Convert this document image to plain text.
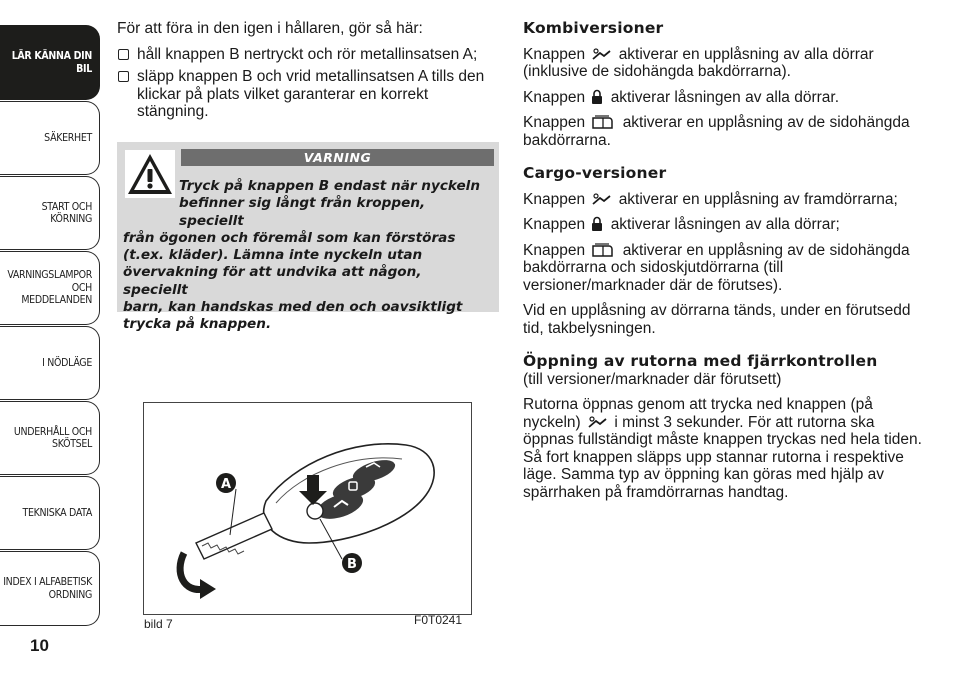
LÄR KÄNNA DIN
BIL
SÄKERHET
START OCH
KÖRNING
VARNINGSLAMPOR
OCH
MEDDELANDEN
I NÖDLÄGE
UNDERHÅLL OCH
SKÖTSEL
TEKNISKA DATA
INDEX I ALFABETISK
ORDNING
10

För att föra in den igen i hållaren, gör så här:

håll knappen B nertryckt och rör metallinsatsen A;
släpp knappen B och vrid metallinsatsen A tills den klickar på plats vilket garanterar en korrekt stängning.
VARNING
Tryck på knappen B endast när nyckeln
befinner sig långt från kroppen, speciellt
från ögonen och föremål som kan förstöras
(t.ex. kläder). Lämna inte nyckeln utan
övervakning för att undvika att någon, speciellt
barn, kan handskas med den och oavsiktligt
trycka på knappen.
A
B
bild 7	F0T0241
Kombiversioner

Knappen aktiverar en upplåsning av alla dörrar (inklusive de sidohängda bakdörrarna).

Knappen aktiverar låsningen av alla dörrar.

Knappen aktiverar en upplåsning av de sidohängda bakdörrarna.

Cargo-versioner

Knappen aktiverar en upplåsning av framdörrarna;

Knappen aktiverar låsningen av alla dörrar;

Knappen aktiverar en upplåsning av de sidohängda bakdörrarna och sidoskjutdörrarna (till versioner/marknader där de förutses).

Vid en upplåsning av dörrarna tänds, under en förutsedd tid, takbelysningen.

Öppning av rutorna med fjärrkontrollen

(till versioner/marknader där förutsett)

Rutorna öppnas genom att trycka ned knappen (på nyckeln) i minst 3 sekunder. För att rutorna ska öppnas fullständigt måste knappen tryckas ned hela tiden. Så fort knappen släpps upp stannar rutorna i respektive läge. Samma typ av öppning kan göras med hjälp av spärrhaken på framdörrarnas handtag.
